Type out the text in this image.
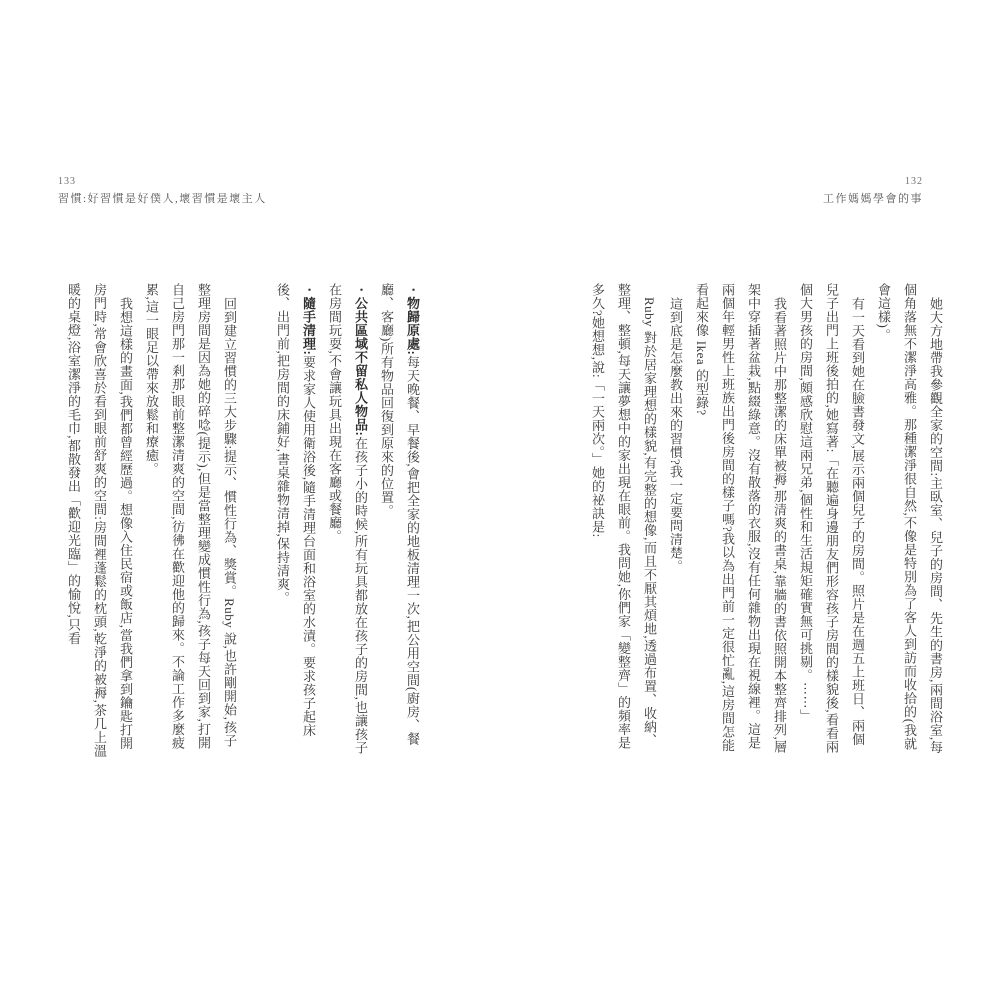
132
工作媽媽學會的事

她大方地帶我參觀全家的空間:主臥室、兒子的房間、先生的書房,兩間浴室,每個角落無不潔淨高雅。那種潔淨很自然,不像是特別為了客人到訪而收拾的(我就會這樣)。

有一天看到她在臉書發文,展示兩個兒子的房間。照片是在週五上班日、兩個兒子出門上班後拍的,她寫著:「在聽遍身邊朋友們形容孩子房間的樣貌後,看看兩個大男孩的房間,頗感欣慰這兩兄弟,個性和生活規矩確實無可挑剔。⋯⋯」

我看著照片中那整潔的床單被褥,那清爽的書桌,靠牆的書依照開本整齊排列,層架中穿插著盆栽,點綴綠意。沒有散落的衣服,沒有任何雜物出現在視線裡。這是兩個年輕男性上班族出門後房間的樣子嗎?我以為出門前一定很忙亂,這房間怎能看起來像 Ikea 的型錄?

這到底是怎麼教出來的習慣?我一定要問清楚。

Ruby 對於居家理想的樣貌,有完整的想像,而且不厭其煩地,透過布置、收納、整理、整頓,每天讓夢想中的家出現在眼前。我問她,你們家「變整齊」的頻率是多久?她想想,說:「一天兩次。」她的祕訣是:

133
習慣:好習慣是好僕人,壞習慣是壞主人

・物歸原處:每天晚餐、早餐後,會把全家的地板清理一次,把公用空間(廚房、餐廳、客廳)所有物品回復到原來的位置。

・公共區域不留私人物品:在孩子小的時候,所有玩具都放在孩子的房間,也讓孩子在房間玩耍,不會讓玩具出現在客廳或餐廳。

・隨手清理:要求家人使用衛浴後,隨手清理台面和浴室的水漬。要求孩子起床後、出門前,把房間的床鋪好,書桌雜物清掉,保持清爽。

回到建立習慣的三大步驟:提示、慣性行為、獎賞。Ruby 說,也許剛開始,孩子整理房間是因為她的碎唸(提示),但是當整理變成慣性行為,孩子每天回到家,打開自己房門那一剎那,眼前整潔清爽的空間,彷彿在歡迎他的歸來。不論工作多麼疲累,這一眼足以帶來放鬆和療癒。

我想這樣的畫面,我們都曾經歷過。想像入住民宿或飯店,當我們拿到鑰匙打開房門時,常會欣喜於看到眼前舒爽的空間:房間裡蓬鬆的枕頭,乾淨的被褥,茶几上溫暖的桌燈,浴室潔淨的毛巾,都散發出「歡迎光臨」的愉悅,只看
